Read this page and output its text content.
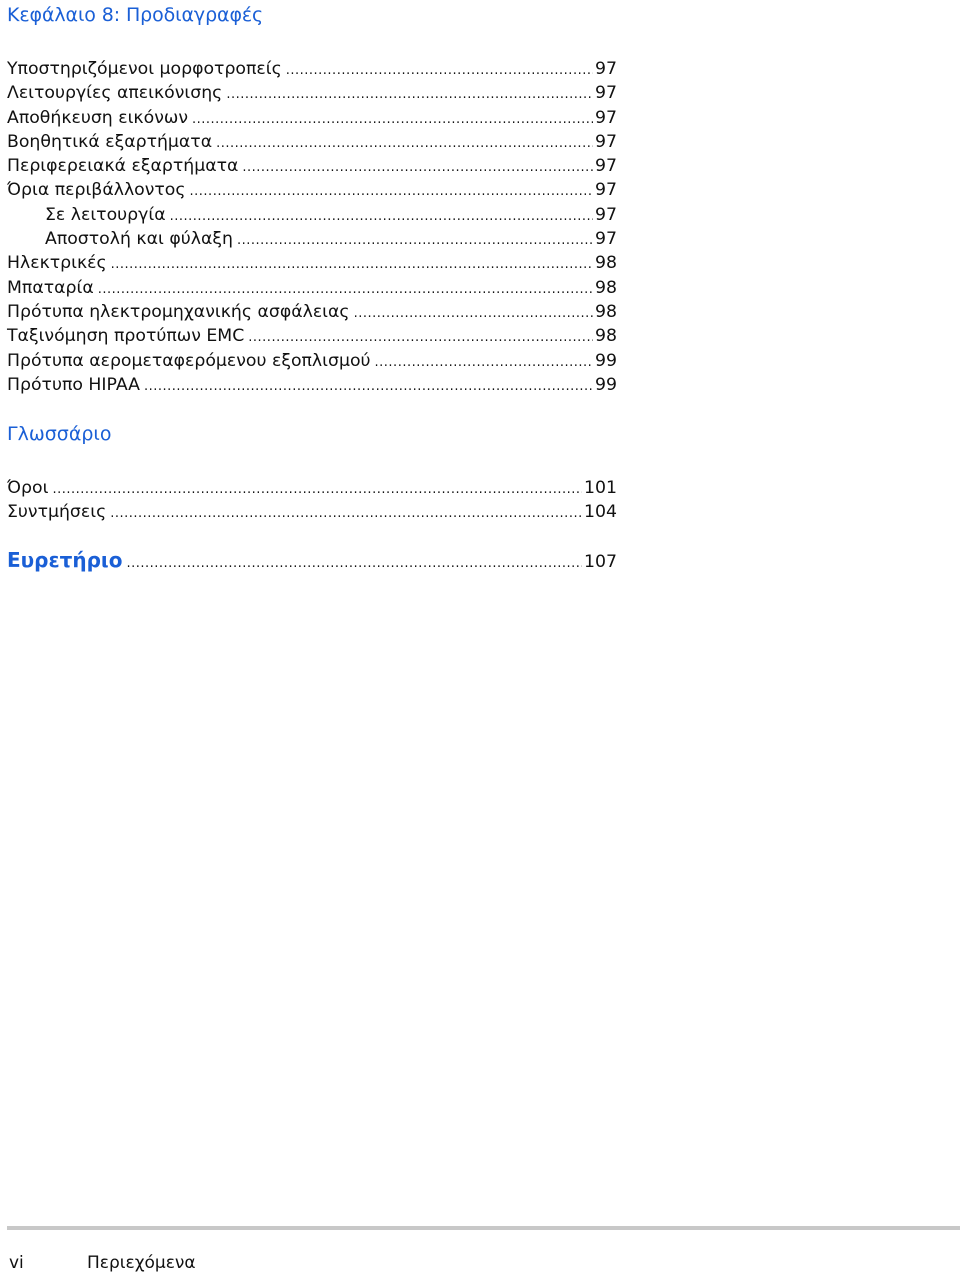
Κεφάλαιο 8: Προδιαγραφές
Υποστηριζόμενοι μορφοτροπείς .....	97
Λειτουργίες απεικόνισης .....	97
Αποθήκευση εικόνων .....	97
Βοηθητικά εξαρτήματα .....	97
Περιφερειακά εξαρτήματα .....	97
Όρια περιβάλλοντος .....	97
Σε λειτουργία .....	97
Αποστολή και φύλαξη .....	97
Ηλεκτρικές .....	98
Μπαταρία .....	98
Πρότυπα ηλεκτρομηχανικής ασφάλειας .....	98
Ταξινόμηση προτύπων EMC .....	98
Πρότυπα αερομεταφερόμενου εξοπλισμού .....	99
Πρότυπο HIPAA .....	99
Γλωσσάριο
Όροι .....	101
Συντμήσεις .....	104
Ευρετήριο .....	107
vi	Περιεχόμενα
